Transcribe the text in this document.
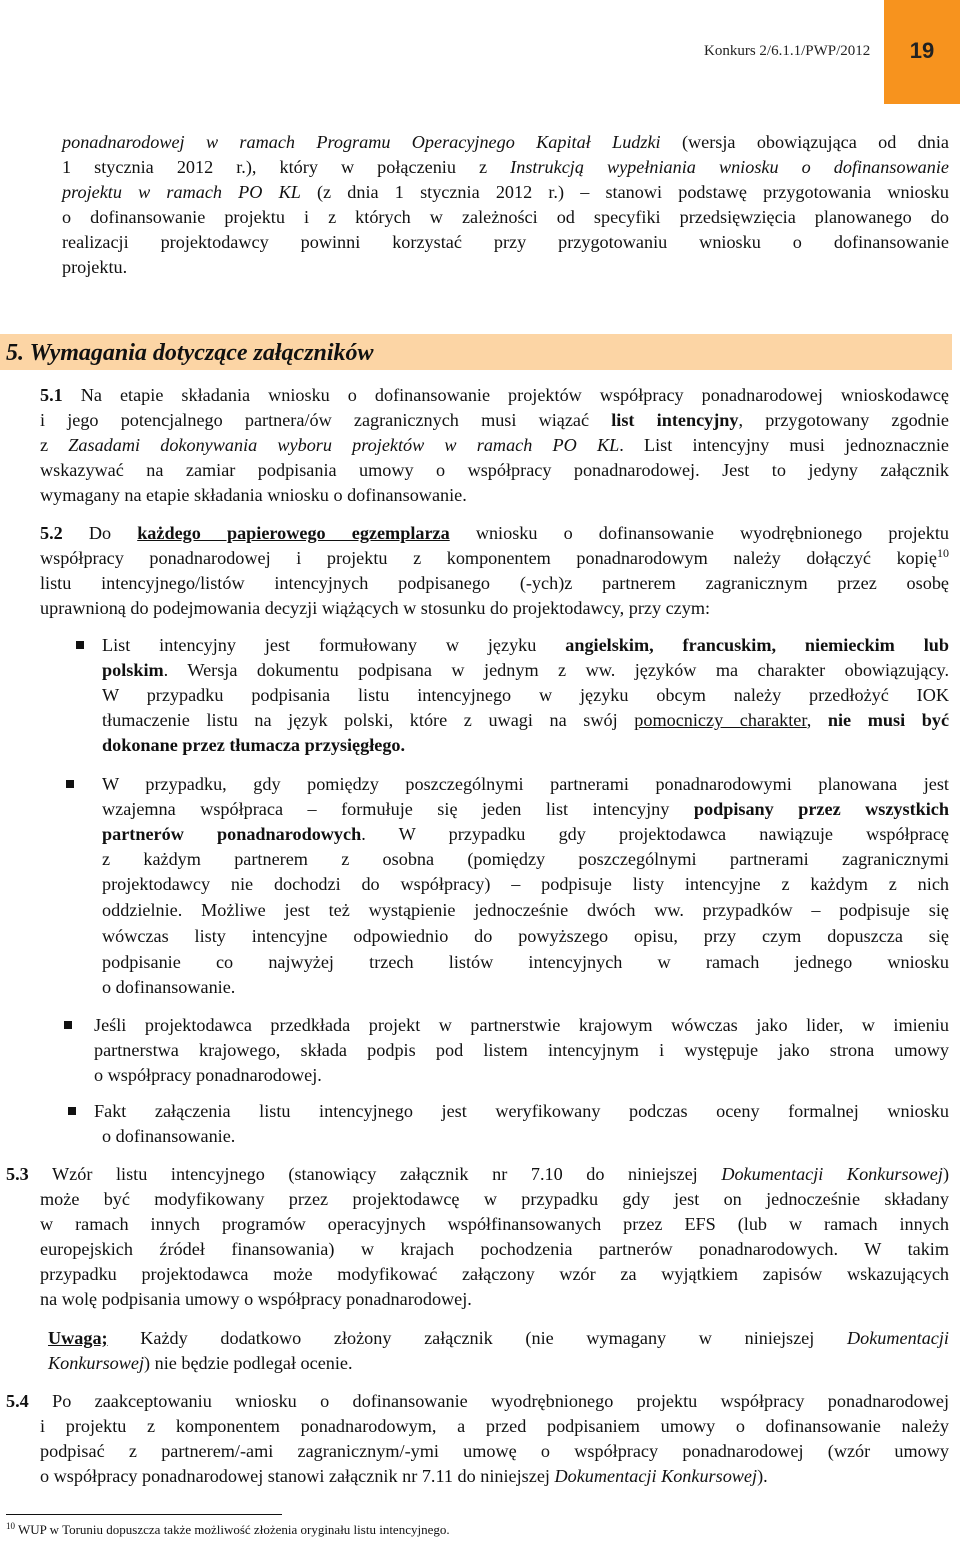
Konkurs 2/6.1.1/PWP/2012	19
ponadnarodowej w ramach Programu Operacyjnego Kapitał Ludzki (wersja obowiązująca od dnia
1 stycznia 2012 r.), który w połączeniu z Instrukcją wypełniania wniosku o dofinansowanie
projektu w ramach PO KL (z dnia 1 stycznia 2012 r.) – stanowi podstawę przygotowania wniosku
o dofinansowanie projektu i z których w zależności od specyfiki przedsięwzięcia planowanego do
realizacji projektodawcy powinni korzystać przy przygotowaniu wniosku o dofinansowanie
projektu.
5. Wymagania dotyczące załączników
5.1 Na etapie składania wniosku o dofinansowanie projektów współpracy ponadnarodowej wnioskodawcę
i jego potencjalnego partnera/ów zagranicznych musi wiązać list intencyjny, przygotowany zgodnie
z Zasadami dokonywania wyboru projektów w ramach PO KL. List intencyjny musi jednoznacznie
wskazywać na zamiar podpisania umowy o współpracy ponadnarodowej. Jest to jedyny załącznik
wymagany na etapie składania wniosku o dofinansowanie.
5.2 Do każdego papierowego egzemplarza wniosku o dofinansowanie wyodrębnionego projektu
współpracy ponadnarodowej i projektu z komponentem ponadnarodowym należy dołączyć kopię$^{10}$
listu intencyjnego/listów intencyjnych podpisanego (-ych)z partnerem zagranicznym przez osobę
uprawnioną do podejmowania decyzji wiążących w stosunku do projektodawcy, przy czym:
List intencyjny jest formułowany w języku angielskim, francuskim, niemieckim lub
polskim. Wersja dokumentu podpisana w jednym z ww. języków ma charakter obowiązujący.
W przypadku podpisania listu intencyjnego w języku obcym należy przedłożyć IOK
tłumaczenie listu na język polski, które z uwagi na swój pomocniczy charakter, nie musi być
dokonane przez tłumacza przysięgłego.
W przypadku, gdy pomiędzy poszczególnymi partnerami ponadnarodowymi planowana jest
wzajemna współpraca – formułuje się jeden list intencyjny podpisany przez wszystkich
partnerów ponadnarodowych. W przypadku gdy projektodawca nawiązuje współpracę
z każdym partnerem z osobna (pomiędzy poszczególnymi partnerami zagranicznymi
projektodawcy nie dochodzi do współpracy) – podpisuje listy intencyjne z każdym z nich
oddzielnie. Możliwe jest też wystąpienie jednocześnie dwóch ww. przypadków – podpisuje się
wówczas listy intencyjne odpowiednio do powyższego opisu, przy czym dopuszcza się
podpisanie co najwyżej trzech listów intencyjnych w ramach jednego wniosku
o dofinansowanie.
Jeśli projektodawca przedkłada projekt w partnerstwie krajowym wówczas jako lider, w imieniu
partnerstwa krajowego, składa podpis pod listem intencyjnym i występuje jako strona umowy
o współpracy ponadnarodowej.
Fakt załączenia listu intencyjnego jest weryfikowany podczas oceny formalnej wniosku
o dofinansowanie.
5.3 Wzór listu intencyjnego (stanowiący załącznik nr 7.10 do niniejszej Dokumentacji Konkursowej)
może być modyfikowany przez projektodawcę w przypadku gdy jest on jednocześnie składany
w ramach innych programów operacyjnych współfinansowanych przez EFS (lub w ramach innych
europejskich źródeł finansowania) w krajach pochodzenia partnerów ponadnarodowych. W takim
przypadku projektodawca może modyfikować załączony wzór za wyjątkiem zapisów wskazujących
na wolę podpisania umowy o współpracy ponadnarodowej.
Uwaga; Każdy dodatkowo złożony załącznik (nie wymagany w niniejszej Dokumentacji
Konkursowej) nie będzie podlegał ocenie.
5.4 Po zaakceptowaniu wniosku o dofinansowanie wyodrębnionego projektu współpracy ponadnarodowej
i projektu z komponentem ponadnarodowym, a przed podpisaniem umowy o dofinansowanie należy
podpisać z partnerem/-ami zagranicznym/-ymi umowę o współpracy ponadnarodowej (wzór umowy
o współpracy ponadnarodowej stanowi załącznik nr 7.11 do niniejszej Dokumentacji Konkursowej).
$^{10}$ WUP w Toruniu dopuszcza także możliwość złożenia oryginału listu intencyjnego.
